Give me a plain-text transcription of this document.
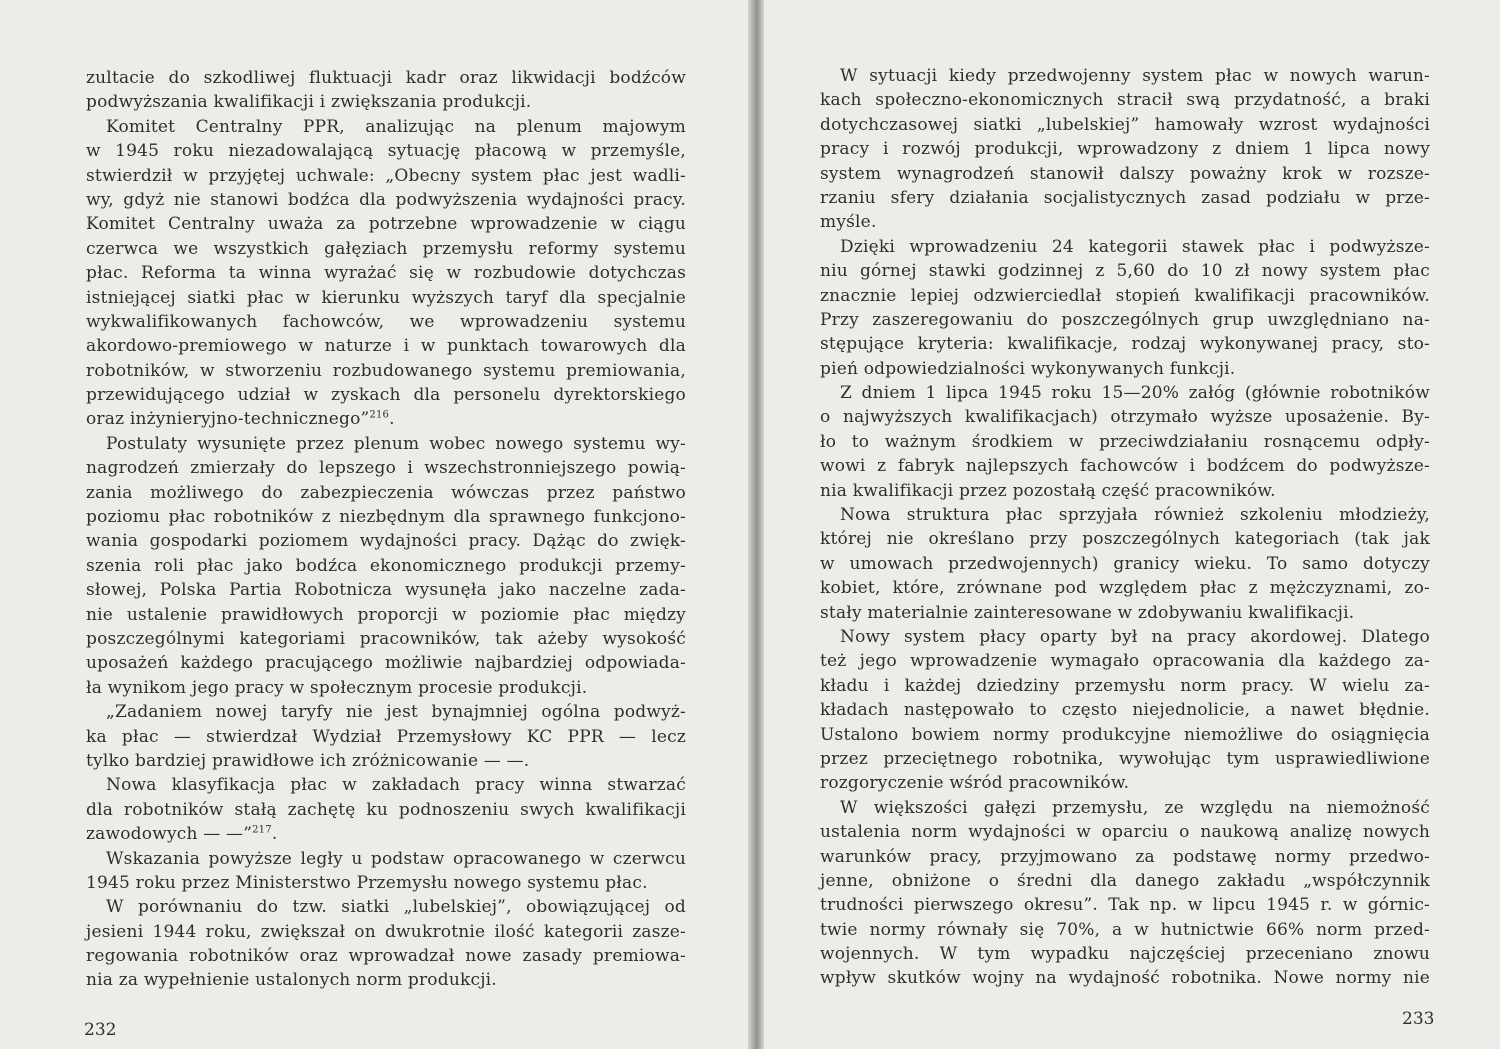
zultacie do szkodliwej fluktuacji kadr oraz likwidacji bodźców
podwyższania kwalifikacji i zwiększania produkcji.
Komitet Centralny PPR, analizując na plenum majowym
w 1945 roku niezadowalającą sytuację płacową w przemyśle,
stwierdził w przyjętej uchwale: „Obecny system płac jest wadli-
wy, gdyż nie stanowi bodźca dla podwyższenia wydajności pracy.
Komitet Centralny uważa za potrzebne wprowadzenie w ciągu
czerwca we wszystkich gałęziach przemysłu reformy systemu
płac. Reforma ta winna wyrażać się w rozbudowie dotychczas
istniejącej siatki płac w kierunku wyższych taryf dla specjalnie
wykwalifikowanych fachowców, we wprowadzeniu systemu
akordowo-premiowego w naturze i w punktach towarowych dla
robotników, w stworzeniu rozbudowanego systemu premiowania,
przewidującego udział w zyskach dla personelu dyrektorskiego
oraz inżynieryjno-technicznego”$^{216}$.
Postulaty wysunięte przez plenum wobec nowego systemu wy-
nagrodzeń zmierzały do lepszego i wszechstronniejszego powią-
zania możliwego do zabezpieczenia wówczas przez państwo
poziomu płac robotników z niezbędnym dla sprawnego funkcjono-
wania gospodarki poziomem wydajności pracy. Dążąc do zwięk-
szenia roli płac jako bodźca ekonomicznego produkcji przemy-
słowej, Polska Partia Robotnicza wysunęła jako naczelne zada-
nie ustalenie prawidłowych proporcji w poziomie płac między
poszczególnymi kategoriami pracowników, tak ażeby wysokość
uposażeń każdego pracującego możliwie najbardziej odpowiada-
ła wynikom jego pracy w społecznym procesie produkcji.
„Zadaniem nowej taryfy nie jest bynajmniej ogólna podwyż-
ka płac — stwierdzał Wydział Przemysłowy KC PPR — lecz
tylko bardziej prawidłowe ich zróżnicowanie — —.
Nowa klasyfikacja płac w zakładach pracy winna stwarzać
dla robotników stałą zachętę ku podnoszeniu swych kwalifikacji
zawodowych — —”$^{217}$.
Wskazania powyższe legły u podstaw opracowanego w czerwcu
1945 roku przez Ministerstwo Przemysłu nowego systemu płac.
W porównaniu do tzw. siatki „lubelskiej”, obowiązującej od
jesieni 1944 roku, zwiększał on dwukrotnie ilość kategorii zasze-
regowania robotników oraz wprowadzał nowe zasady premiowa-
nia za wypełnienie ustalonych norm produkcji.
232
W sytuacji kiedy przedwojenny system płac w nowych warun-
kach społeczno-ekonomicznych stracił swą przydatność, a braki
dotychczasowej siatki „lubelskiej” hamowały wzrost wydajności
pracy i rozwój produkcji, wprowadzony z dniem 1 lipca nowy
system wynagrodzeń stanowił dalszy poważny krok w rozsze-
rzaniu sfery działania socjalistycznych zasad podziału w prze-
myśle.
Dzięki wprowadzeniu 24 kategorii stawek płac i podwyższe-
niu górnej stawki godzinnej z 5,60 do 10 zł nowy system płac
znacznie lepiej odzwierciedlał stopień kwalifikacji pracowników.
Przy zaszeregowaniu do poszczególnych grup uwzględniano na-
stępujące kryteria: kwalifikacje, rodzaj wykonywanej pracy, sto-
pień odpowiedzialności wykonywanych funkcji.
Z dniem 1 lipca 1945 roku 15—20% załóg (głównie robotników
o najwyższych kwalifikacjach) otrzymało wyższe uposażenie. By-
ło to ważnym środkiem w przeciwdziałaniu rosnącemu odpły-
wowi z fabryk najlepszych fachowców i bodźcem do podwyższe-
nia kwalifikacji przez pozostałą część pracowników.
Nowa struktura płac sprzyjała również szkoleniu młodzieży,
której nie określano przy poszczególnych kategoriach (tak jak
w umowach przedwojennych) granicy wieku. To samo dotyczy
kobiet, które, zrównane pod względem płac z mężczyznami, zo-
stały materialnie zainteresowane w zdobywaniu kwalifikacji.
Nowy system płacy oparty był na pracy akordowej. Dlatego
też jego wprowadzenie wymagało opracowania dla każdego za-
kładu i każdej dziedziny przemysłu norm pracy. W wielu za-
kładach następowało to często niejednolicie, a nawet błędnie.
Ustalono bowiem normy produkcyjne niemożliwe do osiągnięcia
przez przeciętnego robotnika, wywołując tym usprawiedliwione
rozgoryczenie wśród pracowników.
W większości gałęzi przemysłu, ze względu na niemożność
ustalenia norm wydajności w oparciu o naukową analizę nowych
warunków pracy, przyjmowano za podstawę normy przedwo-
jenne, obniżone o średni dla danego zakładu „współczynnik
trudności pierwszego okresu”. Tak np. w lipcu 1945 r. w górnic-
twie normy równały się 70%, a w hutnictwie 66% norm przed-
wojennych. W tym wypadku najczęściej przeceniano znowu
wpływ skutków wojny na wydajność robotnika. Nowe normy nie
233
